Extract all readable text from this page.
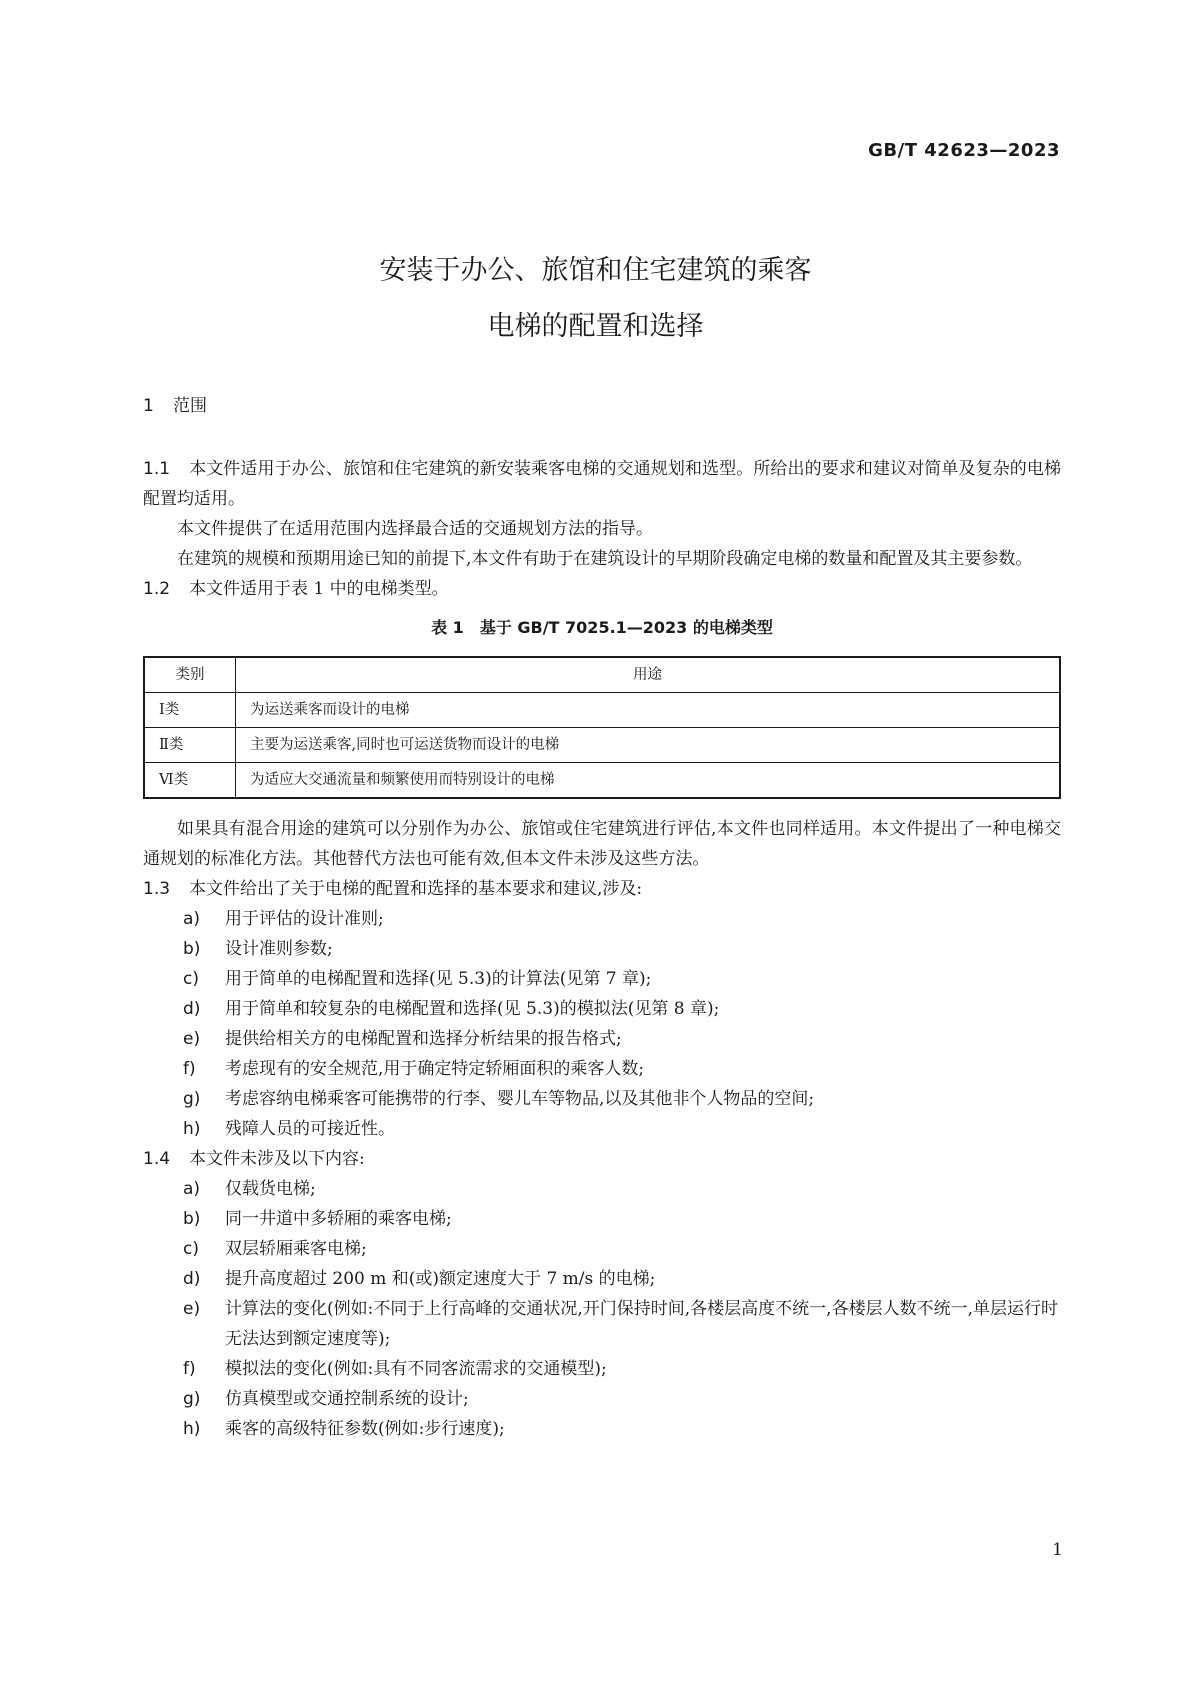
GB/T 42623—2023
安装于办公、旅馆和住宅建筑的乘客
电梯的配置和选择
1 范围

1.1 本文件适用于办公、旅馆和住宅建筑的新安装乘客电梯的交通规划和选型。所给出的要求和建议对简单及复杂的电梯配置均适用。

本文件提供了在适用范围内选择最合适的交通规划方法的指导。

在建筑的规模和预期用途已知的前提下,本文件有助于在建筑设计的早期阶段确定电梯的数量和配置及其主要参数。

1.2 本文件适用于表 1 中的电梯类型。

表 1　基于 GB/T 7025.1—2023 的电梯类型
类别	用途
Ⅰ类	为运送乘客而设计的电梯
Ⅱ类	主要为运送乘客,同时也可运送货物而设计的电梯
Ⅵ类	为适应大交通流量和频繁使用而特别设计的电梯

如果具有混合用途的建筑可以分别作为办公、旅馆或住宅建筑进行评估,本文件也同样适用。本文件提出了一种电梯交通规划的标准化方法。其他替代方法也可能有效,但本文件未涉及这些方法。

1.3 本文件给出了关于电梯的配置和选择的基本要求和建议,涉及:

a) 用于评估的设计准则;
b) 设计准则参数;
c) 用于简单的电梯配置和选择(见 5.3)的计算法(见第 7 章);
d) 用于简单和较复杂的电梯配置和选择(见 5.3)的模拟法(见第 8 章);
e) 提供给相关方的电梯配置和选择分析结果的报告格式;
f) 考虑现有的安全规范,用于确定特定轿厢面积的乘客人数;
g) 考虑容纳电梯乘客可能携带的行李、婴儿车等物品,以及其他非个人物品的空间;
h) 残障人员的可接近性。

1.4 本文件未涉及以下内容:

a) 仅载货电梯;
b) 同一井道中多轿厢的乘客电梯;
c) 双层轿厢乘客电梯;
d) 提升高度超过 200 m 和(或)额定速度大于 7 m/s 的电梯;
e) 计算法的变化(例如:不同于上行高峰的交通状况,开门保持时间,各楼层高度不统一,各楼层人数不统一,单层运行时无法达到额定速度等);
f) 模拟法的变化(例如:具有不同客流需求的交通模型);
g) 仿真模型或交通控制系统的设计;
h) 乘客的高级特征参数(例如:步行速度);
1
